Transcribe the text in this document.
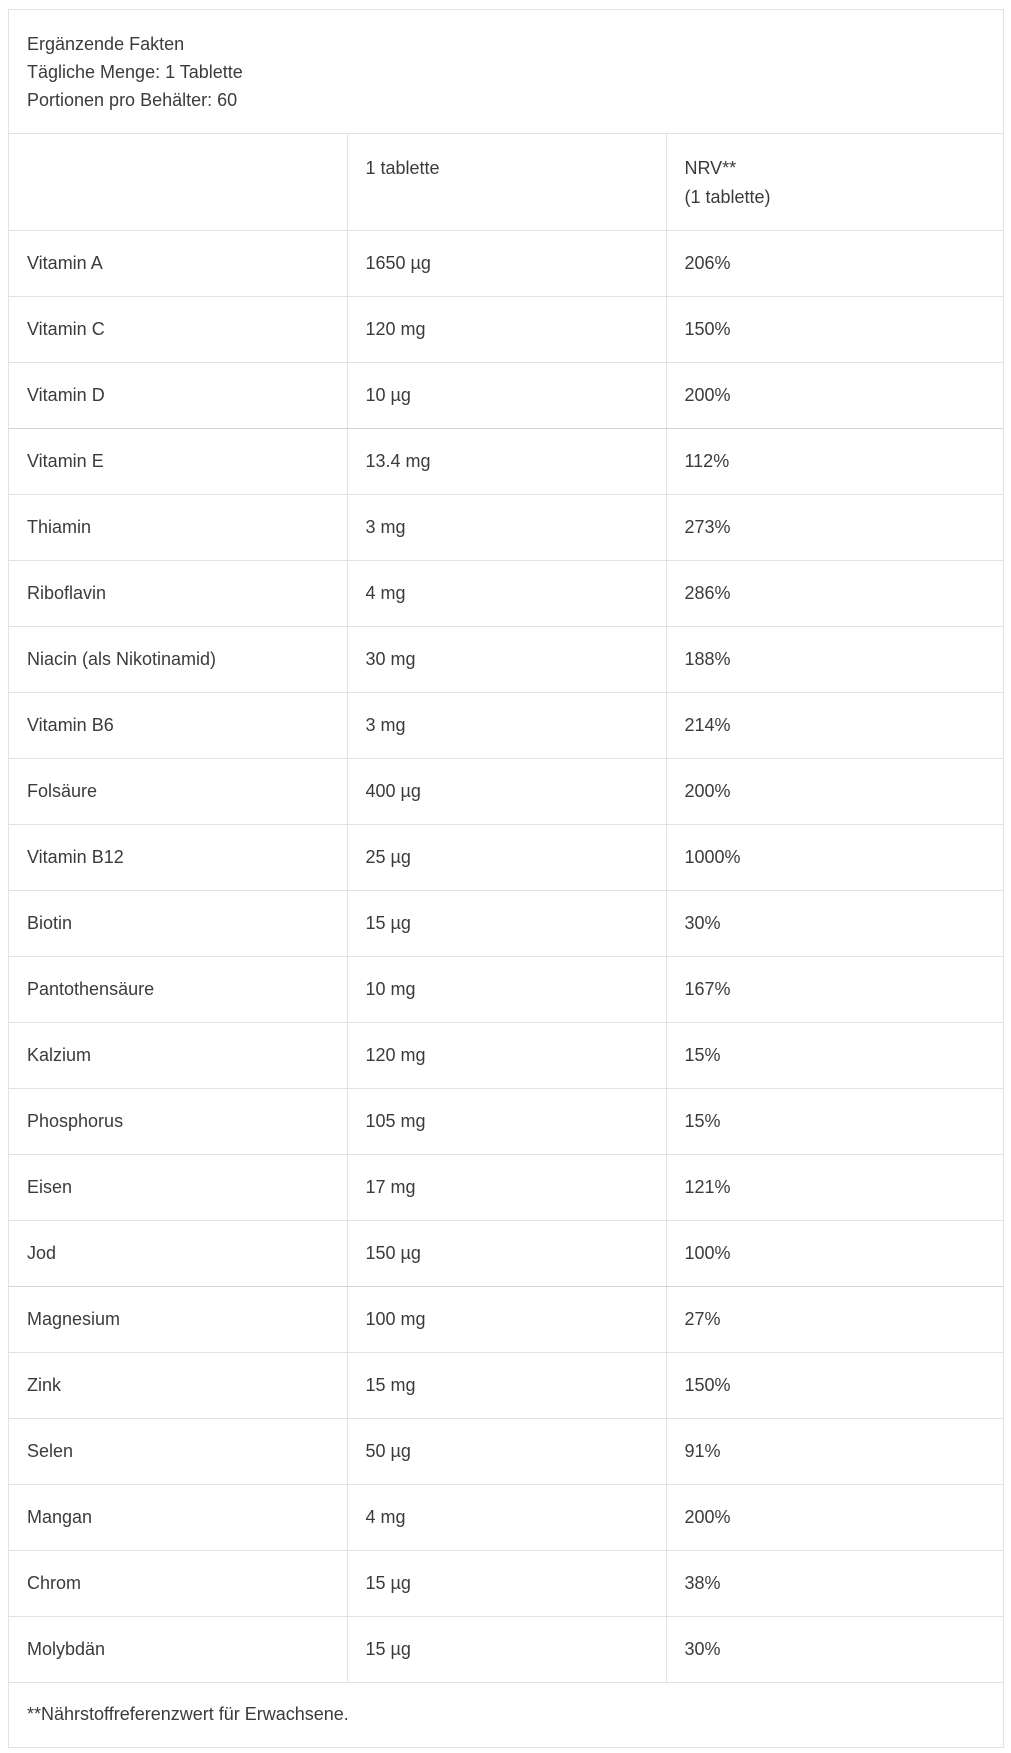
Ergänzende Fakten
Tägliche Menge: 1 Tablette
Portionen pro Behälter: 60
	1 tablette	NRV**
(1 tablette)

Vitamin A	1650 µg	206%
Vitamin C	120 mg	150%
Vitamin D	10 µg	200%
Vitamin E	13.4 mg	112%
Thiamin	3 mg	273%
Riboflavin	4 mg	286%
Niacin (als Nikotinamid)	30 mg	188%
Vitamin B6	3 mg	214%
Folsäure	400 µg	200%
Vitamin B12	25 µg	1000%
Biotin	15 µg	30%
Pantothensäure	10 mg	167%
Kalzium	120 mg	15%
Phosphorus	105 mg	15%
Eisen	17 mg	121%
Jod	150 µg	100%
Magnesium	100 mg	27%
Zink	15 mg	150%
Selen	50 µg	91%
Mangan	4 mg	200%
Chrom	15 µg	38%
Molybdän	15 µg	30%
**Nährstoffreferenzwert für Erwachsene.
